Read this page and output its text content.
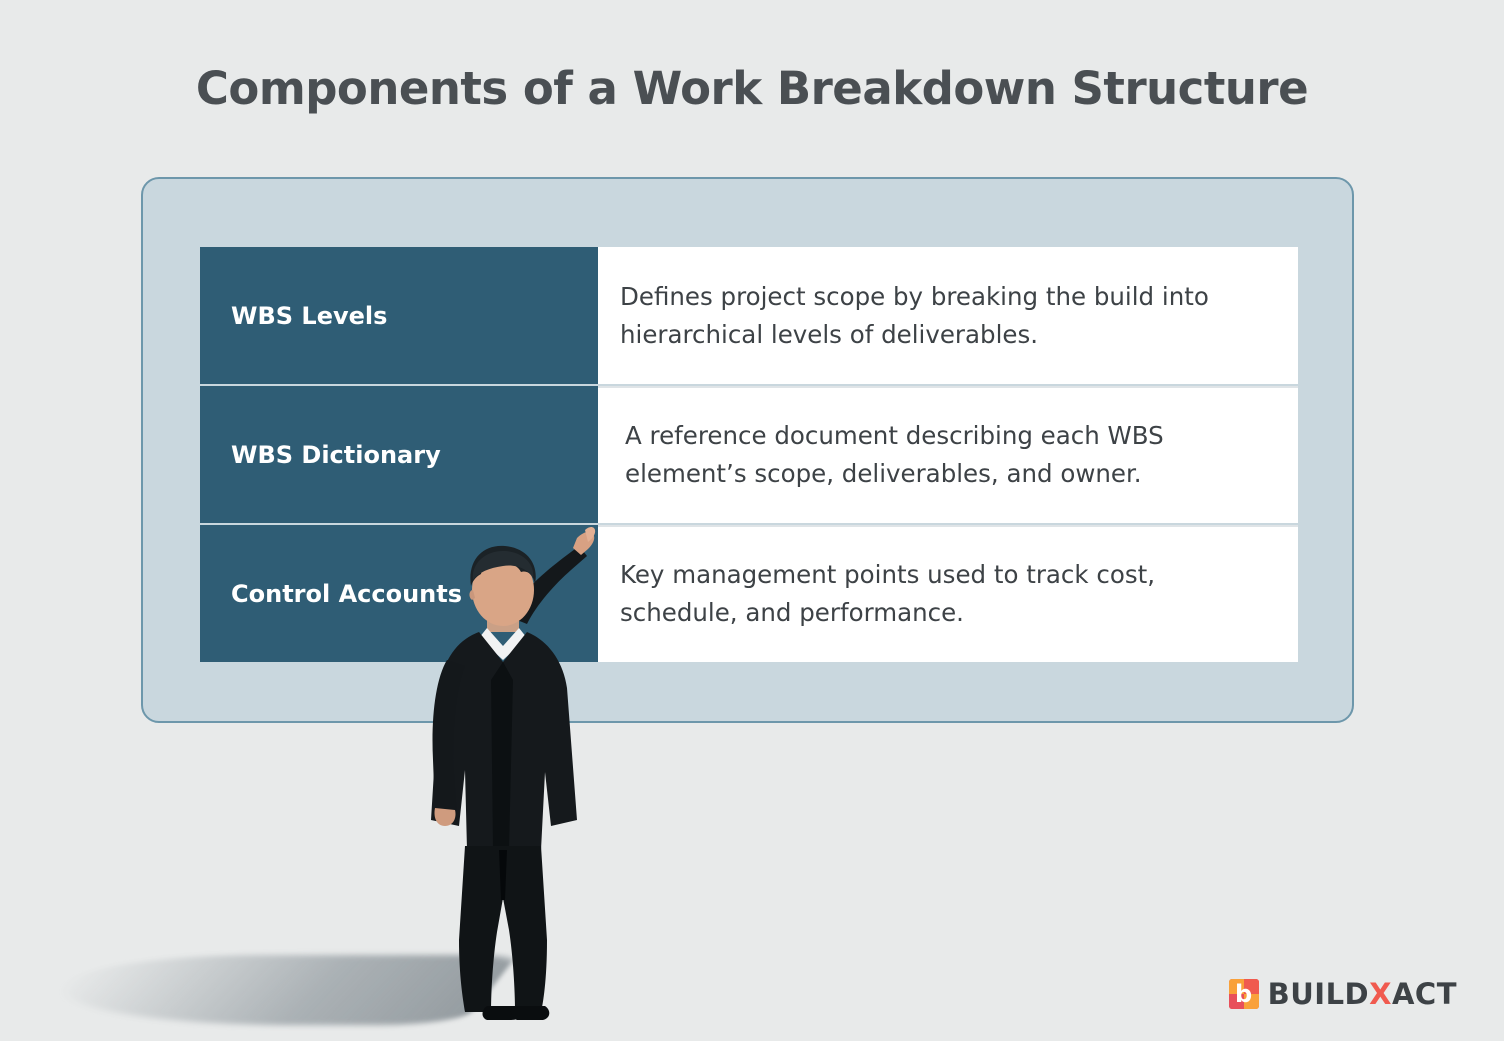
Components of a Work Breakdown Structure
WBS Levels
Defines project scope by breaking the build into hierarchical levels of deliverables.
WBS Dictionary
A reference document describing each WBS element’s scope, deliverables, and owner.
Control Accounts
Key management points used to track cost, schedule, and performance.
b BUILDXACT
